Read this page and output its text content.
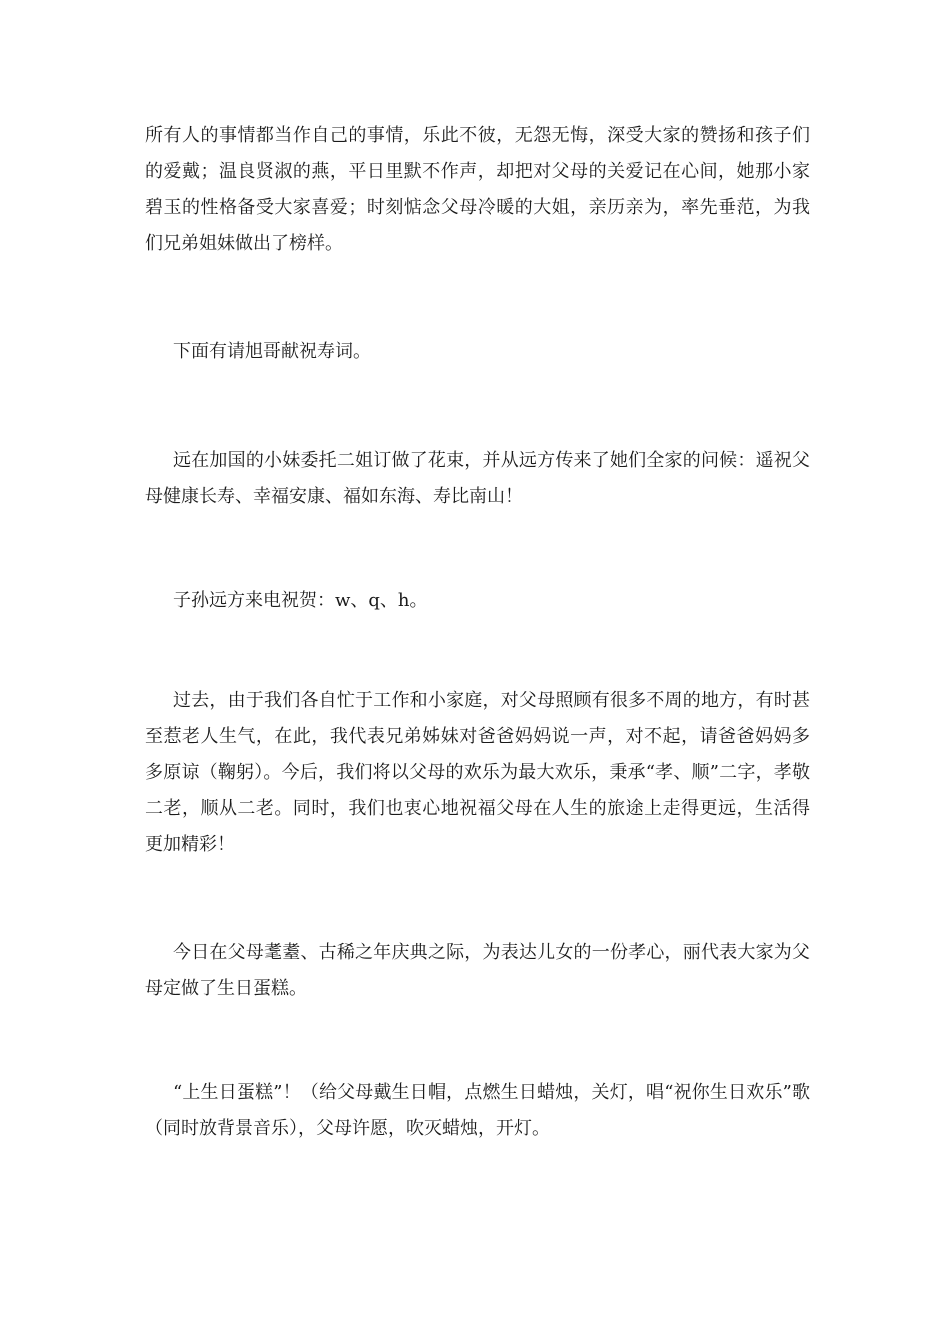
所有人的事情都当作自己的事情，乐此不彼，无怨无悔，深受大家的赞扬和孩子们的爱戴；温良贤淑的燕，平日里默不作声，却把对父母的关爱记在心间，她那小家碧玉的性格备受大家喜爱；时刻惦念父母冷暖的大姐，亲历亲为，率先垂范，为我们兄弟姐妹做出了榜样。

下面有请旭哥献祝寿词。

远在加国的小妹委托二姐订做了花束，并从远方传来了她们全家的问候：遥祝父母健康长寿、幸福安康、福如东海、寿比南山！

子孙远方来电祝贺：w、q、h。

过去，由于我们各自忙于工作和小家庭，对父母照顾有很多不周的地方，有时甚至惹老人生气，在此，我代表兄弟姊妹对爸爸妈妈说一声，对不起，请爸爸妈妈多多原谅（鞠躬）。今后，我们将以父母的欢乐为最大欢乐，秉承“孝、顺”二字，孝敬二老，顺从二老。同时，我们也衷心地祝福父母在人生的旅途上走得更远，生活得更加精彩！

今日在父母耄耋、古稀之年庆典之际，为表达儿女的一份孝心，丽代表大家为父母定做了生日蛋糕。

“上生日蛋糕”！（给父母戴生日帽，点燃生日蜡烛，关灯，唱“祝你生日欢乐”歌（同时放背景音乐），父母许愿，吹灭蜡烛，开灯。
